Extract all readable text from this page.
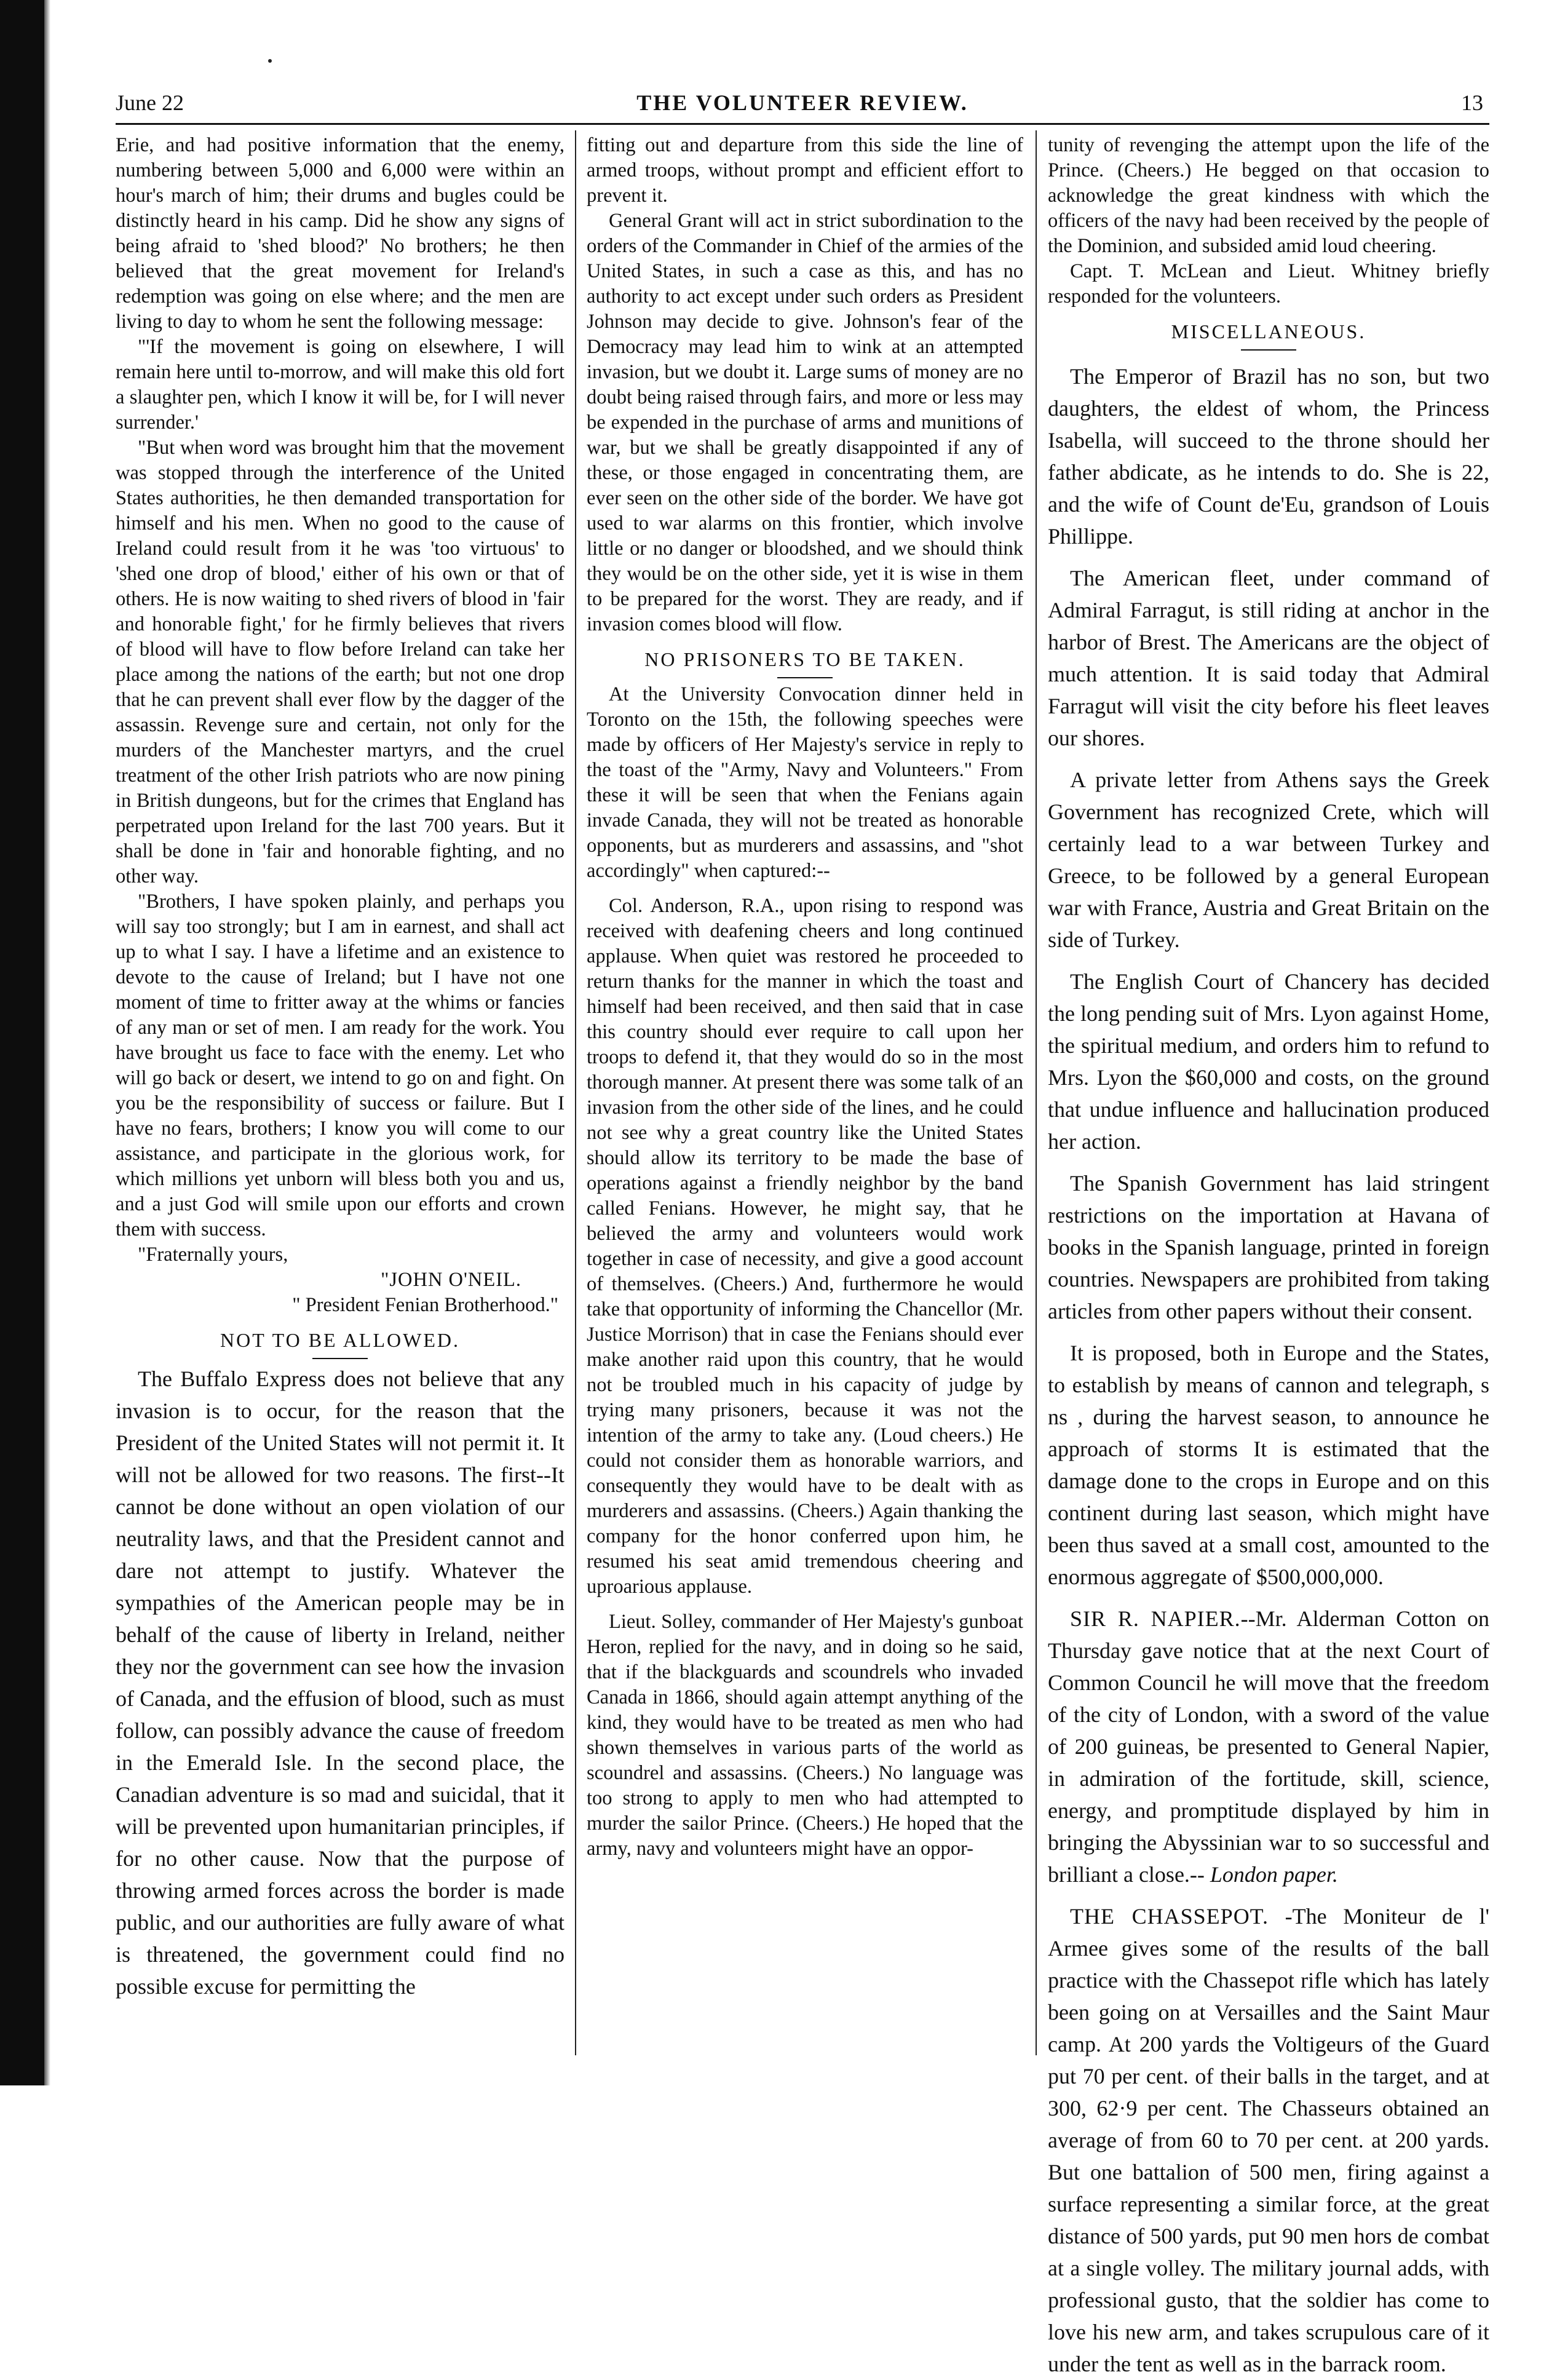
June 22	THE VOLUNTEER REVIEW.	13

Erie, and had positive information that the enemy, numbering between 5,000 and 6,000 were within an hour's march of him; their drums and bugles could be distinctly heard in his camp. Did he show any signs of being afraid to 'shed blood?' No brothers; he then believed that the great movement for Ireland's redemption was going on else where; and the men are living to day to whom he sent the following message:

"'If the movement is going on elsewhere, I will remain here until to-morrow, and will make this old fort a slaughter pen, which I know it will be, for I will never surrender.'

"But when word was brought him that the movement was stopped through the interference of the United States authorities, he then demanded transportation for himself and his men. When no good to the cause of Ireland could result from it he was 'too virtuous' to 'shed one drop of blood,' either of his own or that of others. He is now waiting to shed rivers of blood in 'fair and honorable fight,' for he firmly believes that rivers of blood will have to flow before Ireland can take her place among the nations of the earth; but not one drop that he can prevent shall ever flow by the dagger of the assassin. Revenge sure and certain, not only for the murders of the Manchester martyrs, and the cruel treatment of the other Irish patriots who are now pining in British dungeons, but for the crimes that England has perpetrated upon Ireland for the last 700 years. But it shall be done in 'fair and honorable fighting, and no other way.

"Brothers, I have spoken plainly, and perhaps you will say too strongly; but I am in earnest, and shall act up to what I say. I have a lifetime and an existence to devote to the cause of Ireland; but I have not one moment of time to fritter away at the whims or fancies of any man or set of men. I am ready for the work. You have brought us face to face with the enemy. Let who will go back or desert, we intend to go on and fight. On you be the responsibility of success or failure. But I have no fears, brothers; I know you will come to our assistance, and participate in the glorious work, for which millions yet unborn will bless both you and us, and a just God will smile upon our efforts and crown them with success.

"Fraternally yours,

"JOHN O'NEIL.

" President Fenian Brotherhood."

NOT TO BE ALLOWED.

The Buffalo Express does not believe that any invasion is to occur, for the reason that the President of the United States will not permit it. It will not be allowed for two reasons. The first--It cannot be done without an open violation of our neutrality laws, and that the President cannot and dare not attempt to justify. Whatever the sympathies of the American people may be in behalf of the cause of liberty in Ireland, neither they nor the government can see how the invasion of Canada, and the effusion of blood, such as must follow, can possibly advance the cause of freedom in the Emerald Isle. In the second place, the Canadian adventure is so mad and suicidal, that it will be prevented upon humanitarian principles, if for no other cause. Now that the purpose of throwing armed forces across the border is made public, and our authorities are fully aware of what is threatened, the government could find no possible excuse for permitting the

fitting out and departure from this side the line of armed troops, without prompt and efficient effort to prevent it.

General Grant will act in strict subordination to the orders of the Commander in Chief of the armies of the United States, in such a case as this, and has no authority to act except under such orders as President Johnson may decide to give. Johnson's fear of the Democracy may lead him to wink at an attempted invasion, but we doubt it. Large sums of money are no doubt being raised through fairs, and more or less may be expended in the purchase of arms and munitions of war, but we shall be greatly disappointed if any of these, or those engaged in concentrating them, are ever seen on the other side of the border. We have got used to war alarms on this frontier, which involve little or no danger or bloodshed, and we should think they would be on the other side, yet it is wise in them to be prepared for the worst. They are ready, and if invasion comes blood will flow.

NO PRISONERS TO BE TAKEN.

At the University Convocation dinner held in Toronto on the 15th, the following speeches were made by officers of Her Majesty's service in reply to the toast of the "Army, Navy and Volunteers." From these it will be seen that when the Fenians again invade Canada, they will not be treated as honorable opponents, but as murderers and assassins, and "shot accordingly" when captured:--

Col. Anderson, R.A., upon rising to respond was received with deafening cheers and long continued applause. When quiet was restored he proceeded to return thanks for the manner in which the toast and himself had been received, and then said that in case this country should ever require to call upon her troops to defend it, that they would do so in the most thorough manner. At present there was some talk of an invasion from the other side of the lines, and he could not see why a great country like the United States should allow its territory to be made the base of operations against a friendly neighbor by the band called Fenians. However, he might say, that he believed the army and volunteers would work together in case of necessity, and give a good account of themselves. (Cheers.) And, furthermore he would take that opportunity of informing the Chancellor (Mr. Justice Morrison) that in case the Fenians should ever make another raid upon this country, that he would not be troubled much in his capacity of judge by trying many prisoners, because it was not the intention of the army to take any. (Loud cheers.) He could not consider them as honorable warriors, and consequently they would have to be dealt with as murderers and assassins. (Cheers.) Again thanking the company for the honor conferred upon him, he resumed his seat amid tremendous cheering and uproarious applause.

Lieut. Solley, commander of Her Majesty's gunboat Heron, replied for the navy, and in doing so he said, that if the blackguards and scoundrels who invaded Canada in 1866, should again attempt anything of the kind, they would have to be treated as men who had shown themselves in various parts of the world as scoundrel and assassins. (Cheers.) No language was too strong to apply to men who had attempted to murder the sailor Prince. (Cheers.) He hoped that the army, navy and volunteers might have an oppor-

tunity of revenging the attempt upon the life of the Prince. (Cheers.) He begged on that occasion to acknowledge the great kindness with which the officers of the navy had been received by the people of the Dominion, and subsided amid loud cheering.

Capt. T. McLean and Lieut. Whitney briefly responded for the volunteers.

MISCELLANEOUS.

The Emperor of Brazil has no son, but two daughters, the eldest of whom, the Princess Isabella, will succeed to the throne should her father abdicate, as he intends to do. She is 22, and the wife of Count de'Eu, grandson of Louis Phillippe.

The American fleet, under command of Admiral Farragut, is still riding at anchor in the harbor of Brest. The Americans are the object of much attention. It is said today that Admiral Farragut will visit the city before his fleet leaves our shores.

A private letter from Athens says the Greek Government has recognized Crete, which will certainly lead to a war between Turkey and Greece, to be followed by a general European war with France, Austria and Great Britain on the side of Turkey.

The English Court of Chancery has decided the long pending suit of Mrs. Lyon against Home, the spiritual medium, and orders him to refund to Mrs. Lyon the $60,000 and costs, on the ground that undue influence and hallucination produced her action.

The Spanish Government has laid stringent restrictions on the importation at Havana of books in the Spanish language, printed in foreign countries. Newspapers are prohibited from taking articles from other papers without their consent.

It is proposed, both in Europe and the States, to establish by means of cannon and telegraph, s ns , during the harvest season, to announce he approach of storms It is estimated that the damage done to the crops in Europe and on this continent during last season, which might have been thus saved at a small cost, amounted to the enormous aggregate of $500,000,000.

SIR R. NAPIER.--Mr. Alderman Cotton on Thursday gave notice that at the next Court of Common Council he will move that the freedom of the city of London, with a sword of the value of 200 guineas, be presented to General Napier, in admiration of the fortitude, skill, science, energy, and promptitude displayed by him in bringing the Abyssinian war to so successful and brilliant a close.-- London paper.

THE CHASSEPOT. -The Moniteur de l' Armee gives some of the results of the ball practice with the Chassepot rifle which has lately been going on at Versailles and the Saint Maur camp. At 200 yards the Voltigeurs of the Guard put 70 per cent. of their balls in the target, and at 300, 62·9 per cent. The Chasseurs obtained an average of from 60 to 70 per cent. at 200 yards. But one battalion of 500 men, firing against a surface representing a similar force, at the great distance of 500 yards, put 90 men hors de combat at a single volley. The military journal adds, with professional gusto, that the soldier has come to love his new arm, and takes scrupulous care of it under the tent as well as in the barrack room.
